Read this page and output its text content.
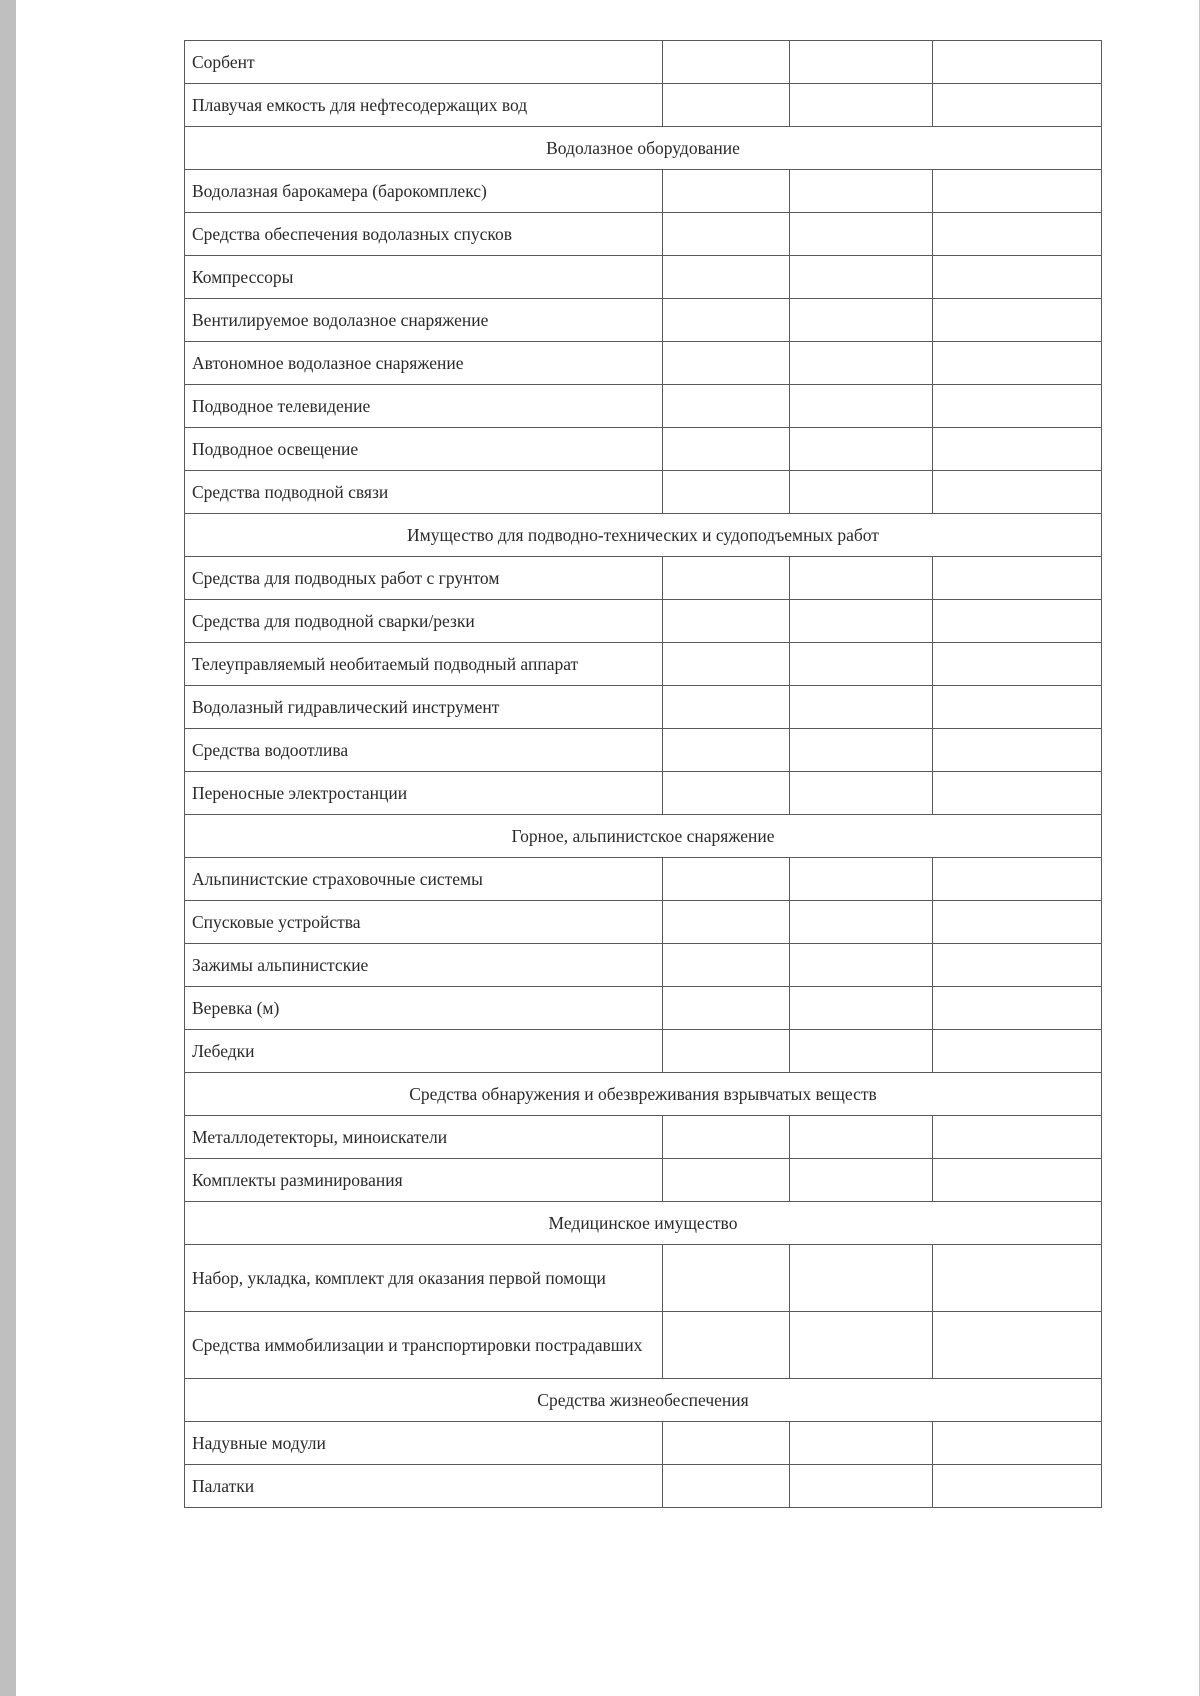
Сорбент			
Плавучая емкость для нефтесодержащих вод			
Водолазное оборудование			
Водолазная барокамера (барокомплекс)			
Средства обеспечения водолазных спусков			
Компрессоры			
Вентилируемое водолазное снаряжение			
Автономное водолазное снаряжение			
Подводное телевидение			
Подводное освещение			
Средства подводной связи			
Имущество для подводно-технических и судоподъемных работ			
Средства для подводных работ с грунтом			
Средства для подводной сварки/резки			
Телеуправляемый необитаемый подводный аппарат			
Водолазный гидравлический инструмент			
Средства водоотлива			
Переносные электростанции			
Горное, альпинистское снаряжение			
Альпинистские страховочные системы			
Спусковые устройства			
Зажимы альпинистские			
Веревка (м)			
Лебедки			
Средства обнаружения и обезвреживания взрывчатых веществ			
Металлодетекторы, миноискатели			
Комплекты разминирования			
Медицинское имущество			
Набор, укладка, комплект для оказания первой помощи			
Средства иммобилизации и транспортировки пострадавших			
Средства жизнеобеспечения			
Надувные модули			
Палатки			
